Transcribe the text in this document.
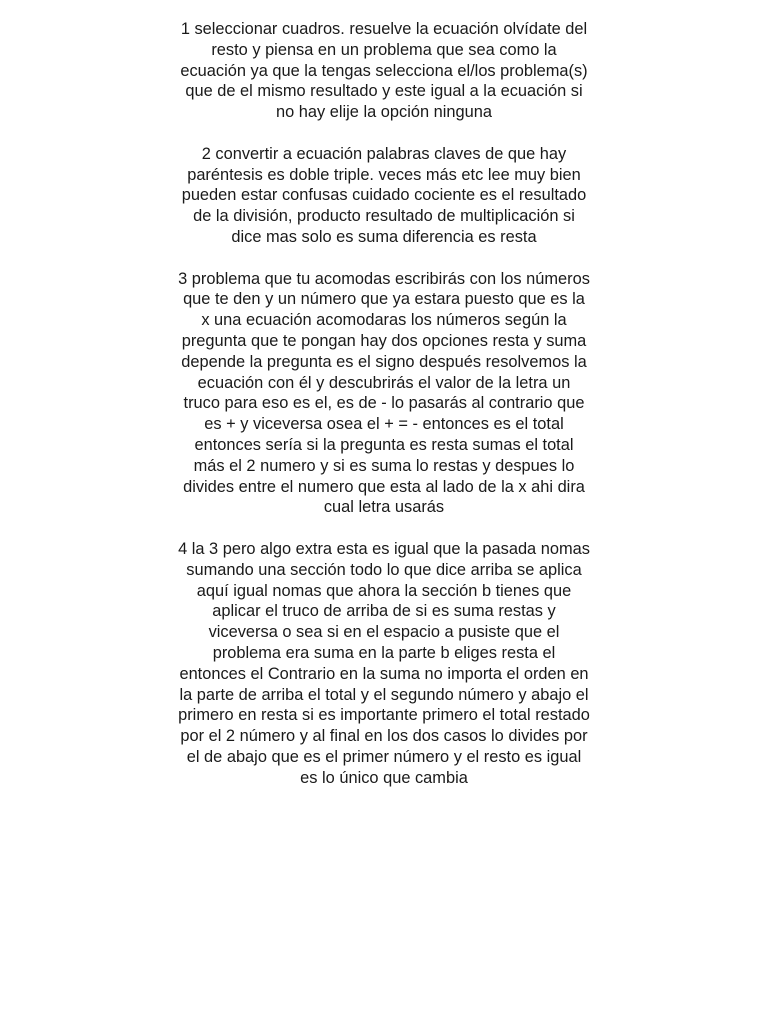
1 seleccionar cuadros. resuelve la ecuación olvídate del resto y piensa en un problema que sea como la ecuación ya que la tengas selecciona el/los problema(s) que de el mismo resultado y este igual a la ecuación si no hay elije la opción ninguna

2 convertir a ecuación palabras claves de que hay paréntesis es doble triple. veces más etc lee muy bien pueden estar confusas cuidado cociente es el resultado de la división, producto resultado de multiplicación si dice mas solo es suma diferencia es resta

3 problema que tu acomodas escribirás con los números que te den y un número que ya estara puesto que es la x una ecuación acomodaras los números según la pregunta que te pongan hay dos opciones resta y suma depende la pregunta es el signo después resolvemos la ecuación con él y descubrirás el valor de la letra un truco para eso es el, es de - lo pasarás al contrario que es + y viceversa osea el + = - entonces es el total entonces sería si la pregunta es resta sumas el total más el 2 numero y si es suma lo restas y despues lo divides entre el numero que esta al lado de la x ahi dira cual letra usarás

4 la 3 pero algo extra esta es igual que la pasada nomas sumando una sección todo lo que dice arriba se aplica aquí igual nomas que ahora la sección b tienes que aplicar el truco de arriba de si es suma restas y viceversa o sea si en el espacio a pusiste que el problema era suma en la parte b eliges resta el entonces el Contrario en la suma no importa el orden en la parte de arriba el total y el segundo número y abajo el primero en resta si es importante primero el total restado por el 2 número y al final en los dos casos lo divides por el de abajo que es el primer número y el resto es igual es lo único que cambia
